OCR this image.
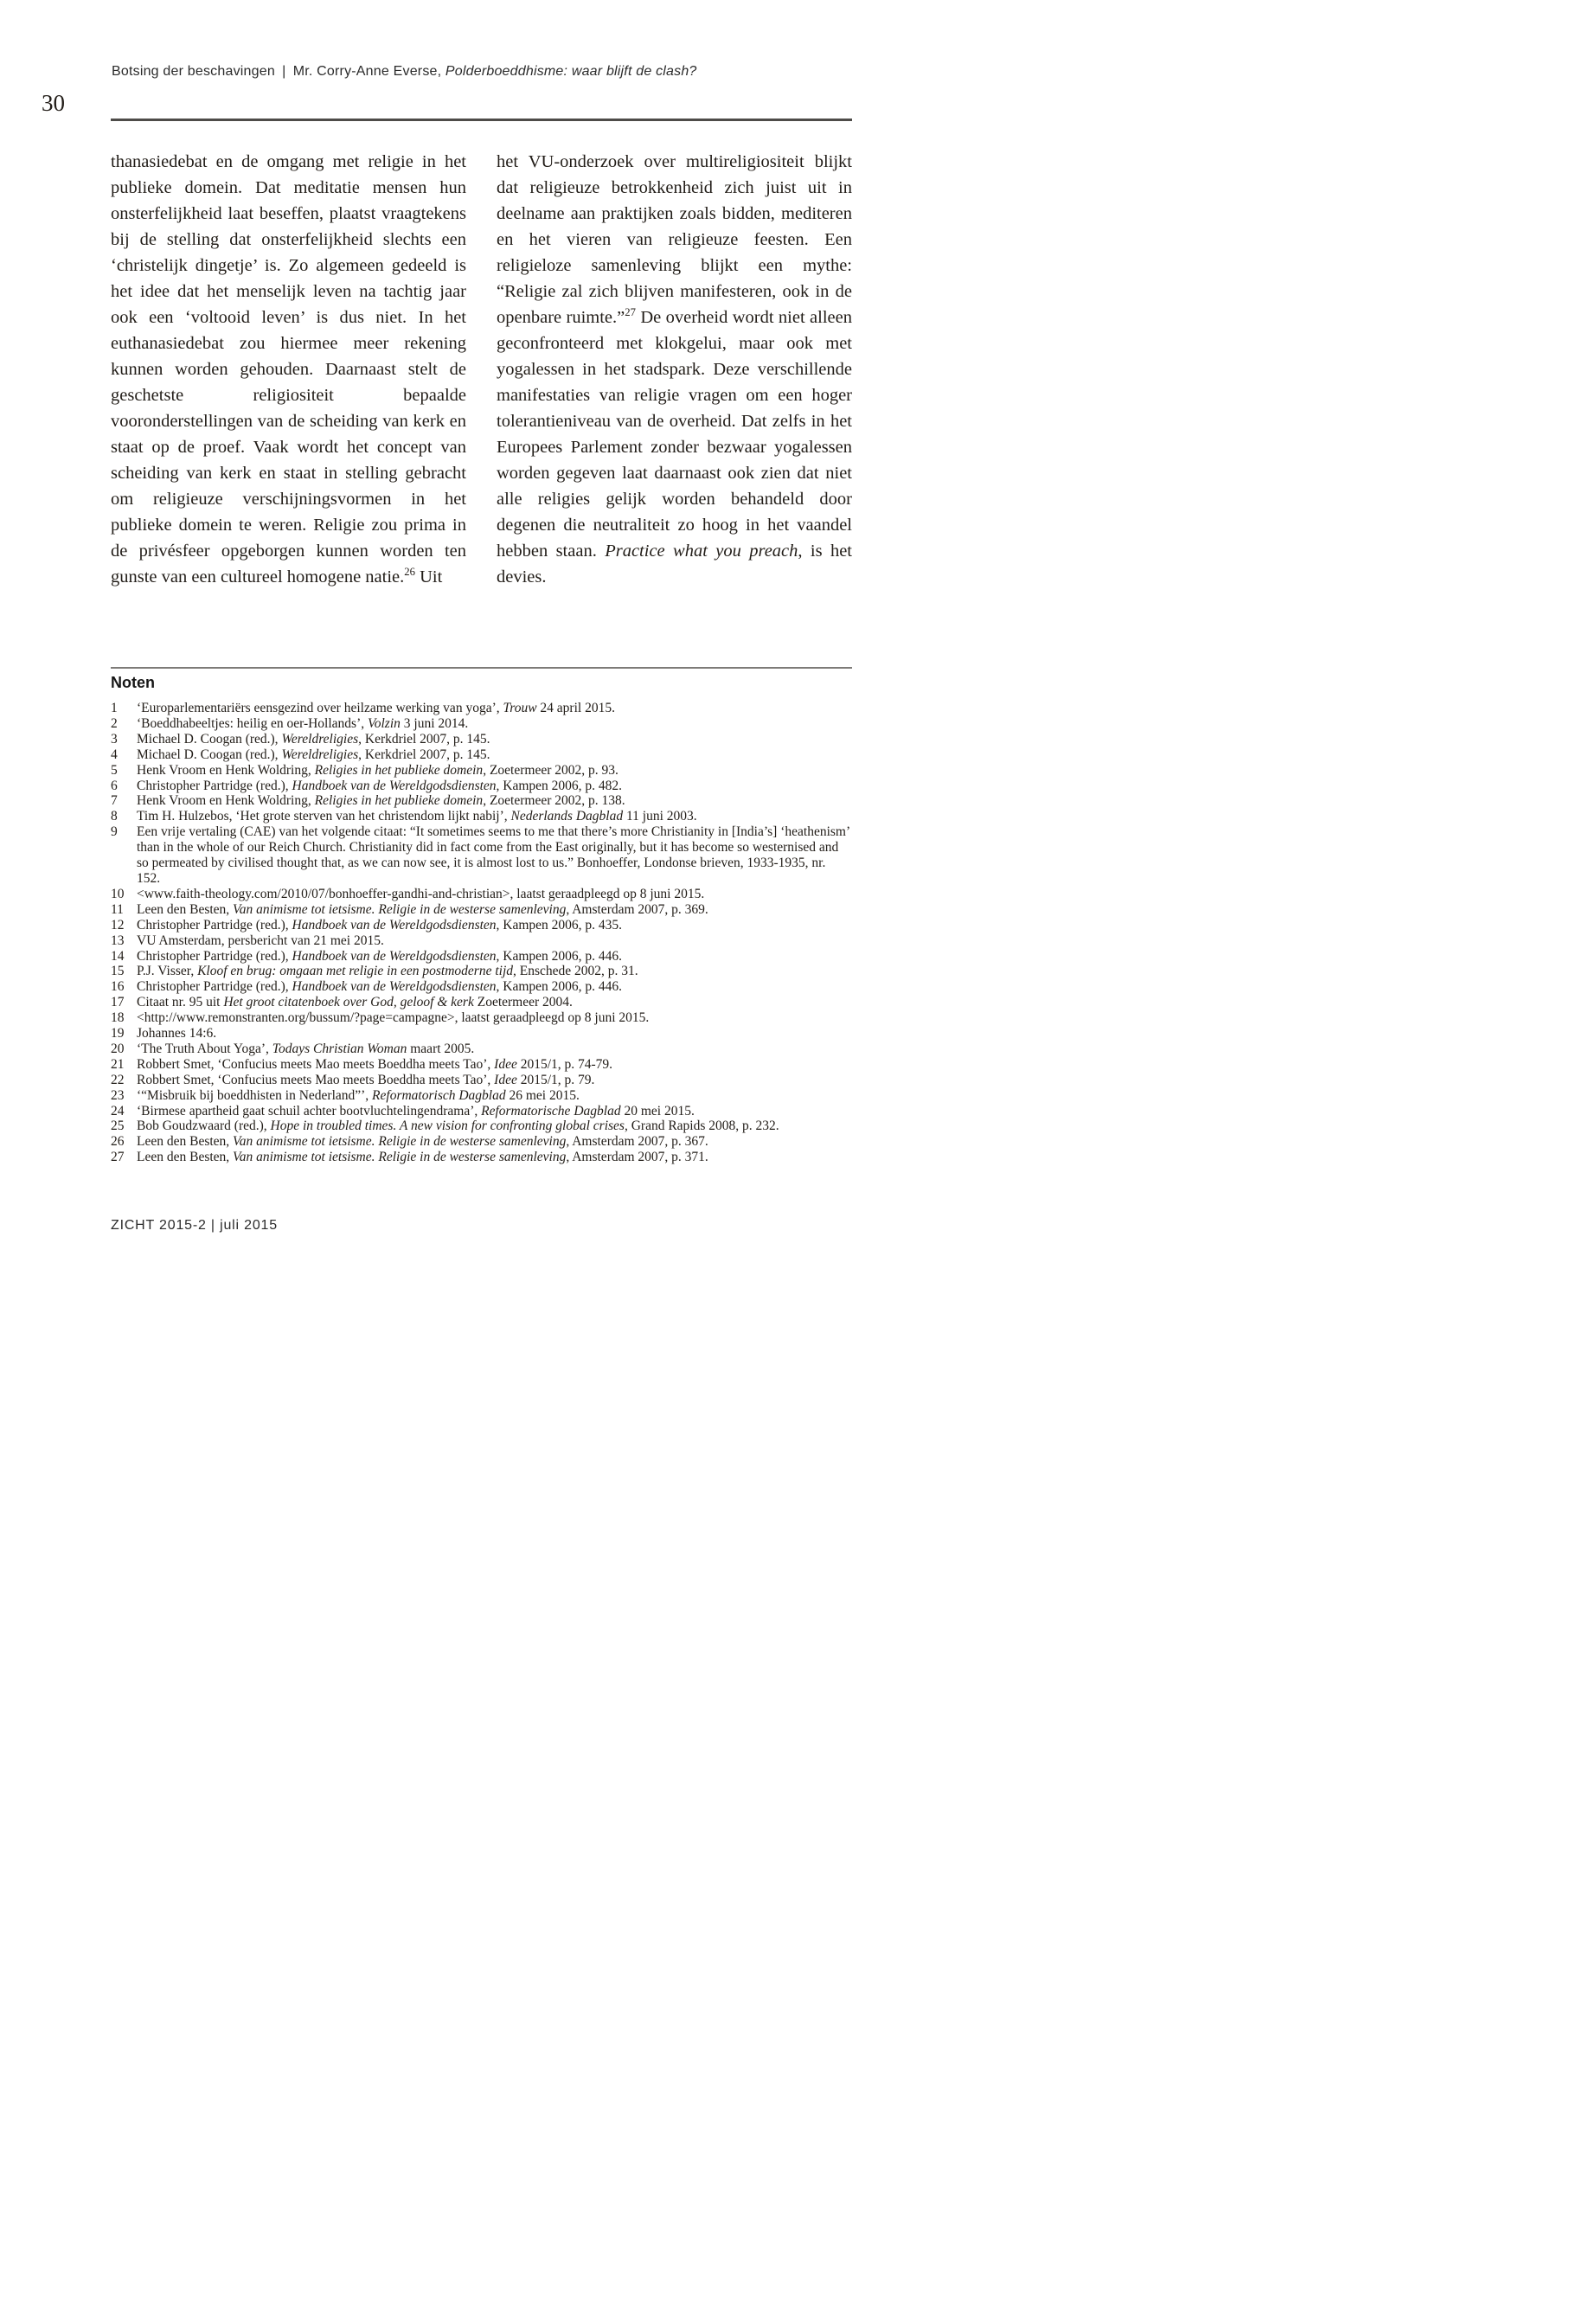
Botsing der beschavingen | Mr. Corry-Anne Everse, Polderboeddhisme: waar blijft de clash?
30
thanasiedebat en de omgang met religie in het publieke domein. Dat meditatie mensen hun onsterfelijkheid laat beseffen, plaatst vraagtekens bij de stelling dat onsterfelijkheid slechts een ‘christelijk dingetje’ is. Zo algemeen gedeeld is het idee dat het menselijk leven na tachtig jaar ook een ‘voltooid leven’ is dus niet. In het euthanasiedebat zou hiermee meer rekening kunnen worden gehouden. Daarnaast stelt de geschetste religiositeit bepaalde vooronderstellingen van de scheiding van kerk en staat op de proef. Vaak wordt het concept van scheiding van kerk en staat in stelling gebracht om religieuze verschijningsvormen in het publieke domein te weren. Religie zou prima in de privésfeer opgeborgen kunnen worden ten gunste van een cultureel homogene natie.$^{26}$ Uit
het VU-onderzoek over multireligiositeit blijkt dat religieuze betrokkenheid zich juist uit in deelname aan praktijken zoals bidden, mediteren en het vieren van religieuze feesten. Een religieloze samenleving blijkt een mythe: “Religie zal zich blijven manifesteren, ook in de openbare ruimte.”$^{27}$ De overheid wordt niet alleen geconfronteerd met klokgelui, maar ook met yogalessen in het stadspark. Deze verschillende manifestaties van religie vragen om een hoger tolerantieniveau van de overheid. Dat zelfs in het Europees Parlement zonder bezwaar yogalessen worden gegeven laat daarnaast ook zien dat niet alle religies gelijk worden behandeld door degenen die neutraliteit zo hoog in het vaandel hebben staan. Practice what you preach, is het devies.
Noten
1	‘Europarlementariërs eensgezind over heilzame werking van yoga’, Trouw 24 april 2015.
2	‘Boeddhabeeltjes: heilig en oer-Hollands’, Volzin 3 juni 2014.
3	Michael D. Coogan (red.), Wereldreligies, Kerkdriel 2007, p. 145.
4	Michael D. Coogan (red.), Wereldreligies, Kerkdriel 2007, p. 145.
5	Henk Vroom en Henk Woldring, Religies in het publieke domein, Zoetermeer 2002, p. 93.
6	Christopher Partridge (red.), Handboek van de Wereldgodsdiensten, Kampen 2006, p. 482.
7	Henk Vroom en Henk Woldring, Religies in het publieke domein, Zoetermeer 2002, p. 138.
8	Tim H. Hulzebos, ‘Het grote sterven van het christendom lijkt nabij’, Nederlands Dagblad 11 juni 2003.
9	Een vrije vertaling (CAE) van het volgende citaat: “It sometimes seems to me that there’s more Christianity in [India’s] ‘heathenism’ than in the whole of our Reich Church. Christianity did in fact come from the East originally, but it has become so westernised and so permeated by civilised thought that, as we can now see, it is almost lost to us.” Bonhoeffer, Londonse brieven, 1933-1935, nr. 152.
10 <www.faith-theology.com/2010/07/bonhoeffer-gandhi-and-christian>, laatst geraadpleegd op 8 juni 2015.
11 Leen den Besten, Van animisme tot ietsisme. Religie in de westerse samenleving, Amsterdam 2007, p. 369.
12 Christopher Partridge (red.), Handboek van de Wereldgodsdiensten, Kampen 2006, p. 435.
13 VU Amsterdam, persbericht van 21 mei 2015.
14 Christopher Partridge (red.), Handboek van de Wereldgodsdiensten, Kampen 2006, p. 446.
15 P.J. Visser, Kloof en brug: omgaan met religie in een postmoderne tijd, Enschede 2002, p. 31.
16 Christopher Partridge (red.), Handboek van de Wereldgodsdiensten, Kampen 2006, p. 446.
17 Citaat nr. 95 uit Het groot citatenboek over God, geloof & kerk Zoetermeer 2004.
18 <http://www.remonstranten.org/bussum/?page=campagne>, laatst geraadpleegd op 8 juni 2015.
19 Johannes 14:6.
20 ‘The Truth About Yoga’, Todays Christian Woman maart 2005.
21 Robbert Smet, ‘Confucius meets Mao meets Boeddha meets Tao’, Idee 2015/1, p. 74-79.
22 Robbert Smet, ‘Confucius meets Mao meets Boeddha meets Tao’, Idee 2015/1, p. 79.
23 ‘“Misbruik bij boeddhisten in Nederland”’, Reformatorisch Dagblad 26 mei 2015.
24 ‘Birmese apartheid gaat schuil achter bootvluchtelingendrama’, Reformatorische Dagblad 20 mei 2015.
25 Bob Goudzwaard (red.), Hope in troubled times. A new vision for confronting global crises, Grand Rapids 2008, p. 232.
26 Leen den Besten, Van animisme tot ietsisme. Religie in de westerse samenleving, Amsterdam 2007, p. 367.
27 Leen den Besten, Van animisme tot ietsisme. Religie in de westerse samenleving, Amsterdam 2007, p. 371.
ZICHT 2015-2 | juli 2015
